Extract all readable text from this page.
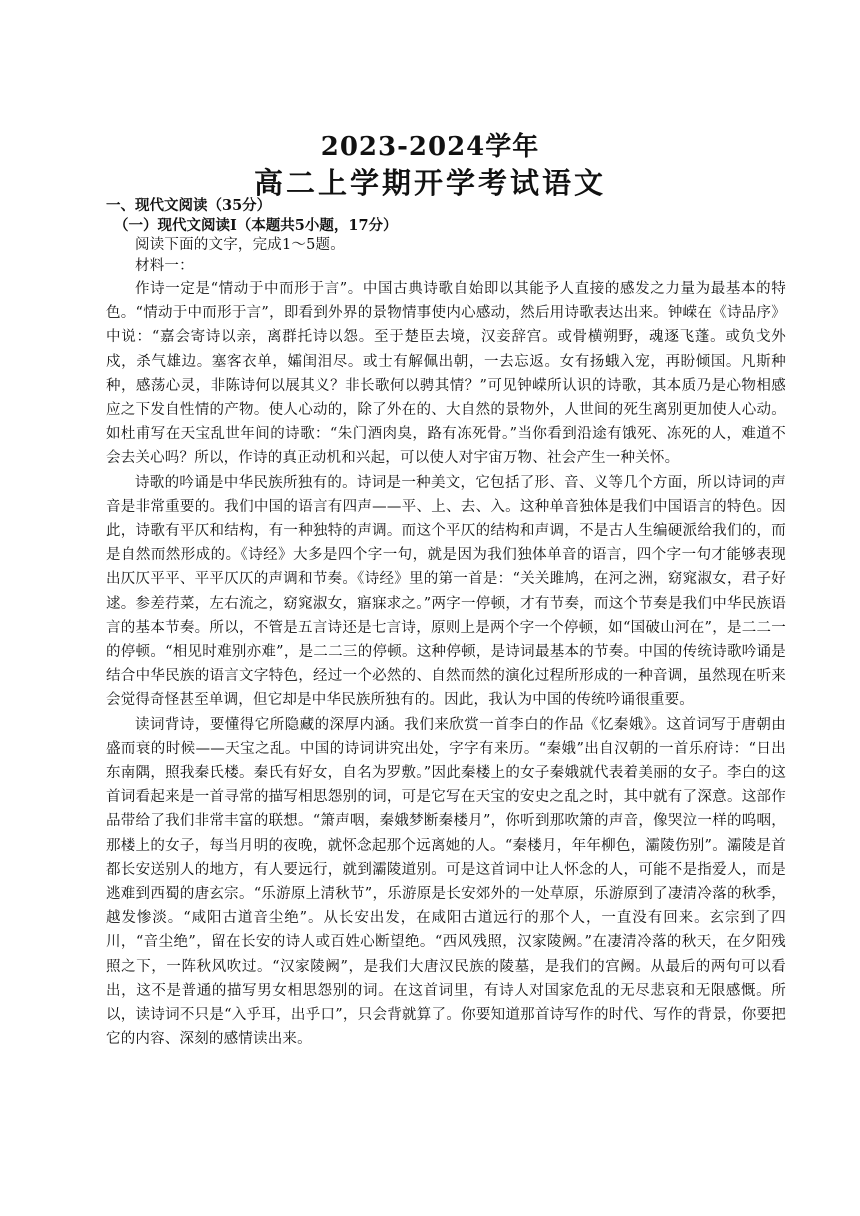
2023-2024学年
高二上学期开学考试语文
一、现代文阅读（35分）
（一）现代文阅读Ⅰ（本题共5小题，17分）

阅读下面的文字，完成1～5题。

材料一：

作诗一定是“情动于中而形于言”。中国古典诗歌自始即以其能予人直接的感发之力量为最基本的特色。“情动于中而形于言”，即看到外界的景物情事使内心感动，然后用诗歌表达出来。钟嵘在《诗品序》中说：“嘉会寄诗以亲，离群托诗以怨。至于楚臣去境，汉妾辞宫。或骨横朔野，魂逐飞蓬。或负戈外戍，杀气雄边。塞客衣单，孀闺泪尽。或士有解佩出朝，一去忘返。女有扬蛾入宠，再盼倾国。凡斯种种，感荡心灵，非陈诗何以展其义？非长歌何以骋其情？”可见钟嵘所认识的诗歌，其本质乃是心物相感应之下发自性情的产物。使人心动的，除了外在的、大自然的景物外，人世间的死生离别更加使人心动。如杜甫写在天宝乱世年间的诗歌：“朱门酒肉臭，路有冻死骨。”当你看到沿途有饿死、冻死的人，难道不会去关心吗？所以，作诗的真正动机和兴起，可以使人对宇宙万物、社会产生一种关怀。

诗歌的吟诵是中华民族所独有的。诗词是一种美文，它包括了形、音、义等几个方面，所以诗词的声音是非常重要的。我们中国的语言有四声——平、上、去、入。这种单音独体是我们中国语言的特色。因此，诗歌有平仄和结构，有一种独特的声调。而这个平仄的结构和声调，不是古人生编硬派给我们的，而是自然而然形成的。《诗经》大多是四个字一句，就是因为我们独体单音的语言，四个字一句才能够表现出仄仄平平、平平仄仄的声调和节奏。《诗经》里的第一首是：“关关雎鸠，在河之洲，窈窕淑女，君子好逑。参差荇菜，左右流之，窈窕淑女，寤寐求之。”两字一停顿，才有节奏，而这个节奏是我们中华民族语言的基本节奏。所以，不管是五言诗还是七言诗，原则上是两个字一个停顿，如“国破山河在”，是二二一的停顿。“相见时难别亦难”，是二二三的停顿。这种停顿，是诗词最基本的节奏。中国的传统诗歌吟诵是结合中华民族的语言文字特色，经过一个必然的、自然而然的演化过程所形成的一种音调，虽然现在听来会觉得奇怪甚至单调，但它却是中华民族所独有的。因此，我认为中国的传统吟诵很重要。

读词背诗，要懂得它所隐藏的深厚内涵。我们来欣赏一首李白的作品《忆秦娥》。这首词写于唐朝由盛而衰的时候——天宝之乱。中国的诗词讲究出处，字字有来历。“秦娥”出自汉朝的一首乐府诗：“日出东南隅，照我秦氏楼。秦氏有好女，自名为罗敷。”因此秦楼上的女子秦娥就代表着美丽的女子。李白的这首词看起来是一首寻常的描写相思怨别的词，可是它写在天宝的安史之乱之时，其中就有了深意。这部作品带给了我们非常丰富的联想。“箫声咽，秦娥梦断秦楼月”，你听到那吹箫的声音，像哭泣一样的呜咽，那楼上的女子，每当月明的夜晚，就怀念起那个远离她的人。“秦楼月，年年柳色，灞陵伤别”。灞陵是首都长安送别人的地方，有人要远行，就到灞陵道别。可是这首词中让人怀念的人，可能不是指爱人，而是逃难到西蜀的唐玄宗。“乐游原上清秋节”，乐游原是长安郊外的一处草原，乐游原到了凄清冷落的秋季，越发惨淡。“咸阳古道音尘绝”。从长安出发，在咸阳古道远行的那个人，一直没有回来。玄宗到了四川，“音尘绝”，留在长安的诗人或百姓心断望绝。“西风残照，汉家陵阙。”在凄清冷落的秋天，在夕阳残照之下，一阵秋风吹过。“汉家陵阙”，是我们大唐汉民族的陵墓，是我们的宫阙。从最后的两句可以看出，这不是普通的描写男女相思怨别的词。在这首词里，有诗人对国家危乱的无尽悲哀和无限感慨。所以，读诗词不只是“入乎耳，出乎口”，只会背就算了。你要知道那首诗写作的时代、写作的背景，你要把它的内容、深刻的感情读出来。
